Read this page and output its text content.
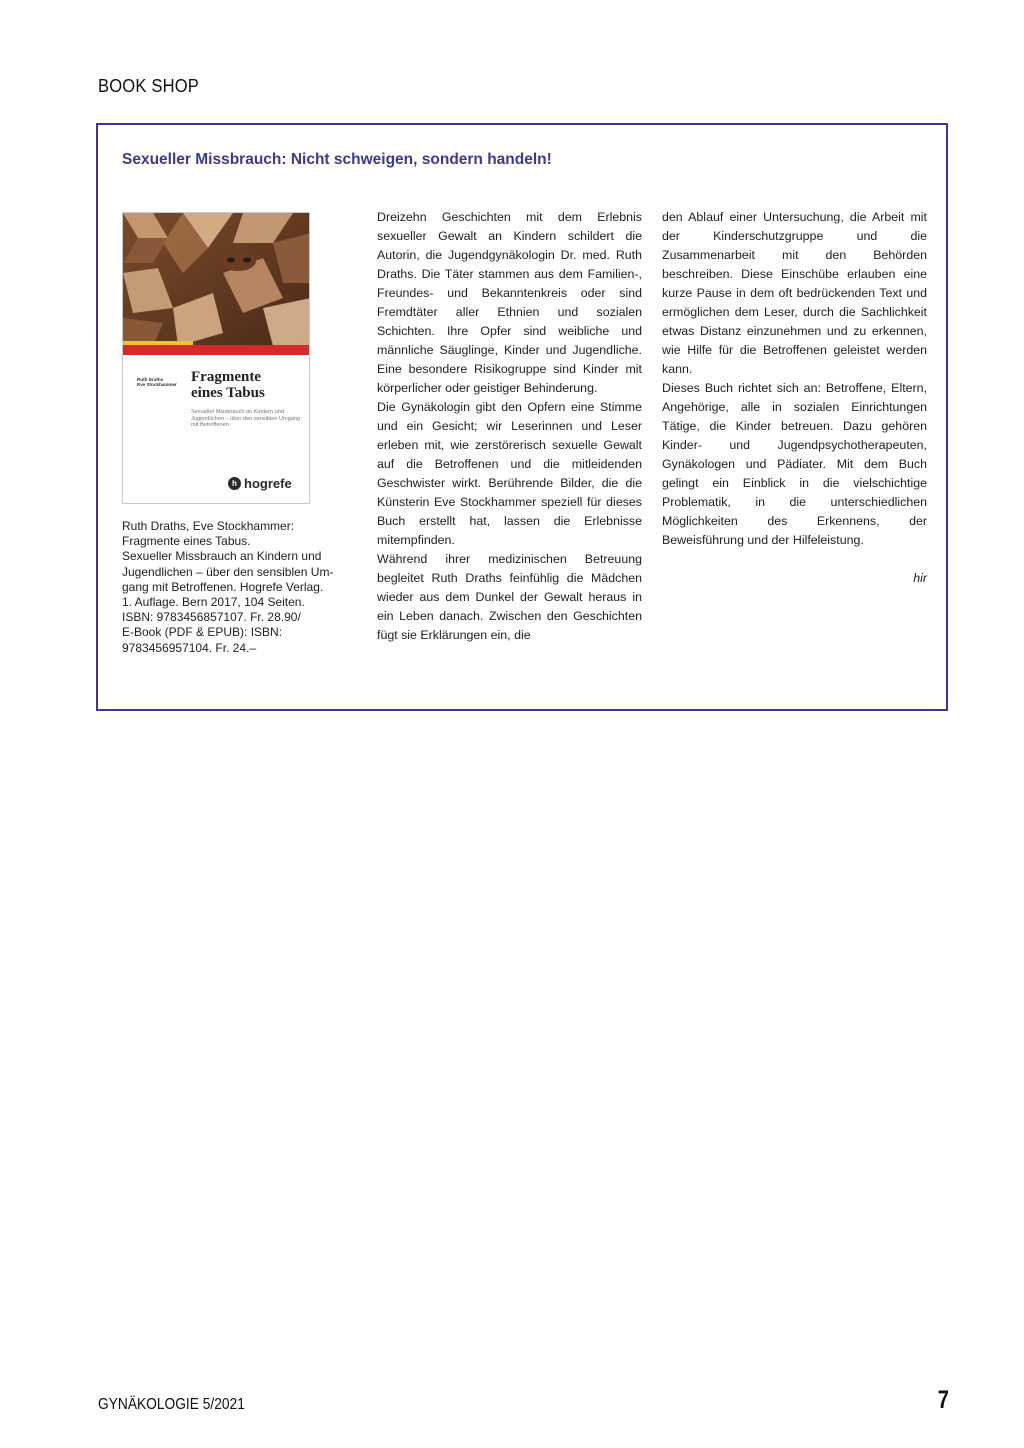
BOOK SHOP
Sexueller Missbrauch: Nicht schweigen, sondern handeln!
Ruth Draths
Eve Stockhammer Fragmente
eines Tabus
Sexueller Missbrauch an Kindern und Jugendlichen – über den sensiblen Umgang mit Betroffenen
h hogrefe
Ruth Draths, Eve Stockhammer:
Fragmente eines Tabus.
Sexueller Missbrauch an Kindern und
Jugendlichen – über den sensiblen Um-
gang mit Betroffenen. Hogrefe Verlag.
1. Auflage. Bern 2017, 104 Seiten.
ISBN: 9783456857107. Fr. 28.90/
E-Book (PDF & EPUB): ISBN:
9783456957104. Fr. 24.–

Dreizehn Geschichten mit dem Erlebnis sexueller Gewalt an Kindern schildert die Autorin, die Jugendgynäkologin Dr. med. Ruth Draths. Die Täter stammen aus dem Familien-, Freundes- und Bekanntenkreis oder sind Fremdtäter aller Ethnien und sozialen Schichten. Ihre Opfer sind weibliche und männliche Säuglinge, Kinder und Jugendliche. Eine besondere Risikogruppe sind Kinder mit körperlicher oder geistiger Behinderung.

Die Gynäkologin gibt den Opfern eine Stimme und ein Gesicht; wir Leserinnen und Leser erleben mit, wie zerstörerisch sexuelle Gewalt auf die Betroffenen und die mitleidenden Geschwister wirkt. Berührende Bilder, die die Künsterin Eve Stockhammer speziell für dieses Buch erstellt hat, lassen die Erlebnisse mitempfinden.

Während ihrer medizinischen Betreuung begleitet Ruth Draths feinfühlig die Mädchen wieder aus dem Dunkel der Gewalt heraus in ein Leben danach. Zwischen den Geschichten fügt sie Erklärungen ein, die

den Ablauf einer Untersuchung, die Arbeit mit der Kinderschutzgruppe und die Zusammenarbeit mit den Behörden beschreiben. Diese Einschübe erlauben eine kurze Pause in dem oft bedrückenden Text und ermöglichen dem Leser, durch die Sachlichkeit etwas Distanz einzunehmen und zu erkennen, wie Hilfe für die Betroffenen geleistet werden kann.

Dieses Buch richtet sich an: Betroffene, Eltern, Angehörige, alle in sozialen Einrichtungen Tätige, die Kinder betreuen. Dazu gehören Kinder- und Jugendpsychotherapeuten, Gynäkologen und Pädiater. Mit dem Buch gelingt ein Einblick in die vielschichtige Problematik, in die unterschiedlichen Möglichkeiten des Erkennens, der Beweisführung und der Hilfeleistung.

hir
GYNÄKOLOGIE 5/2021	7
